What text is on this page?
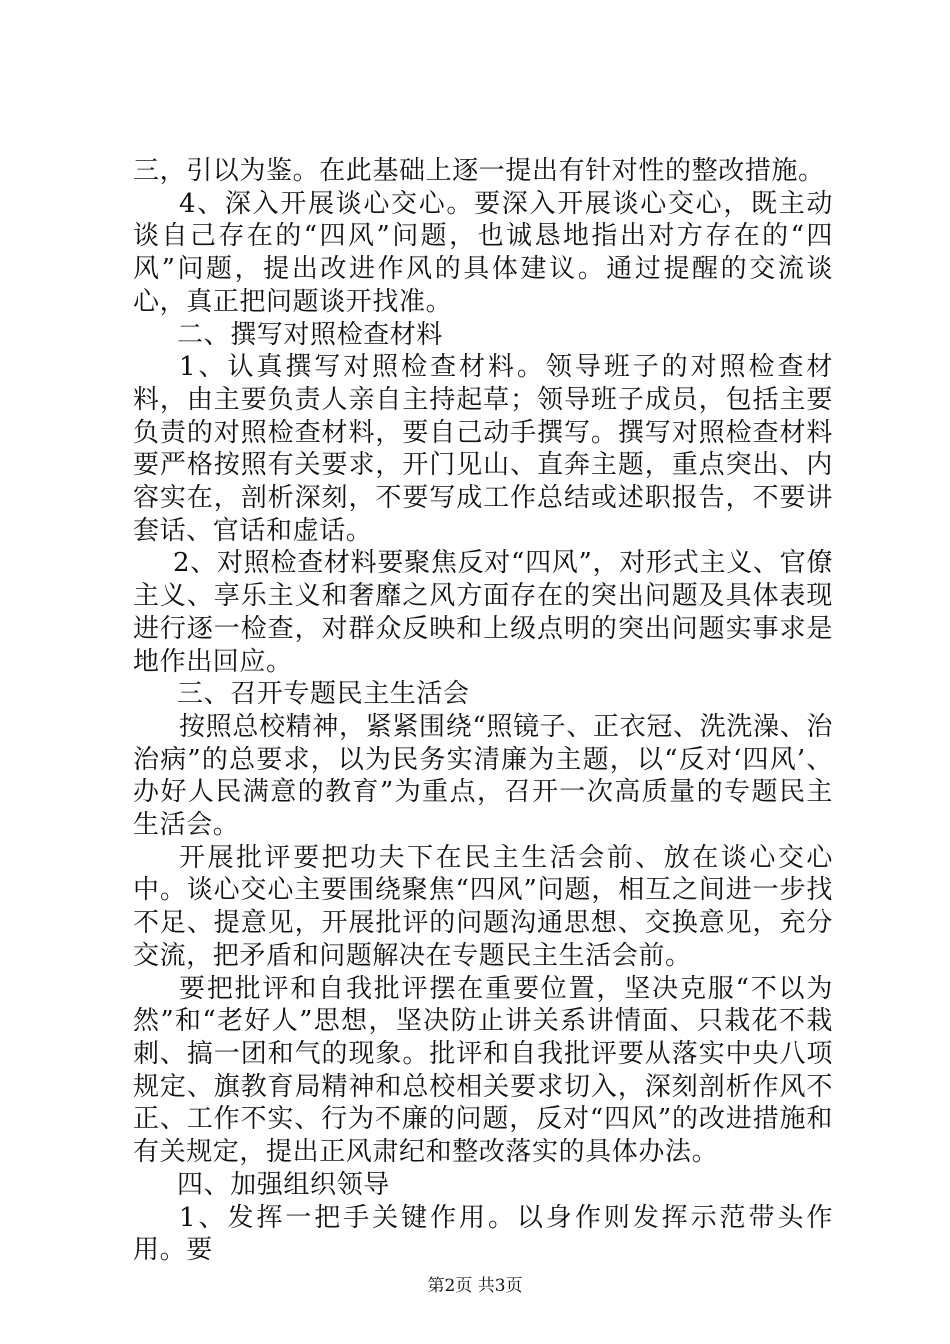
三，引以为鉴。在此基础上逐一提出有针对性的整改措施。

4、深入开展谈心交心。要深入开展谈心交心，既主动谈自己存在的“四风”问题，也诚恳地指出对方存在的“四风”问题，提出改进作风的具体建议。通过提醒的交流谈心，真正把问题谈开找准。

二、撰写对照检查材料

1、认真撰写对照检查材料。领导班子的对照检查材料，由主要负责人亲自主持起草；领导班子成员，包括主要负责的对照检查材料，要自己动手撰写。撰写对照检查材料要严格按照有关要求，开门见山、直奔主题，重点突出、内容实在，剖析深刻，不要写成工作总结或述职报告，不要讲套话、官话和虚话。

2、对照检查材料要聚焦反对“四风”，对形式主义、官僚主义、享乐主义和奢靡之风方面存在的突出问题及具体表现进行逐一检查，对群众反映和上级点明的突出问题实事求是地作出回应。

三、召开专题民主生活会

按照总校精神，紧紧围绕“照镜子、正衣冠、洗洗澡、治治病”的总要求，以为民务实清廉为主题，以“反对‘四风’、办好人民满意的教育”为重点，召开一次高质量的专题民主生活会。

开展批评要把功夫下在民主生活会前、放在谈心交心中。谈心交心主要围绕聚焦“四风”问题，相互之间进一步找不足、提意见，开展批评的问题沟通思想、交换意见，充分交流，把矛盾和问题解决在专题民主生活会前。

要把批评和自我批评摆在重要位置，坚决克服“不以为然”和“老好人”思想，坚决防止讲关系讲情面、只栽花不栽刺、搞一团和气的现象。批评和自我批评要从落实中央八项规定、旗教育局精神和总校相关要求切入，深刻剖析作风不正、工作不实、行为不廉的问题，反对“四风”的改进措施和有关规定，提出正风肃纪和整改落实的具体办法。

四、加强组织领导

1、发挥一把手关键作用。以身作则发挥示范带头作用。要

第2页 共3页
